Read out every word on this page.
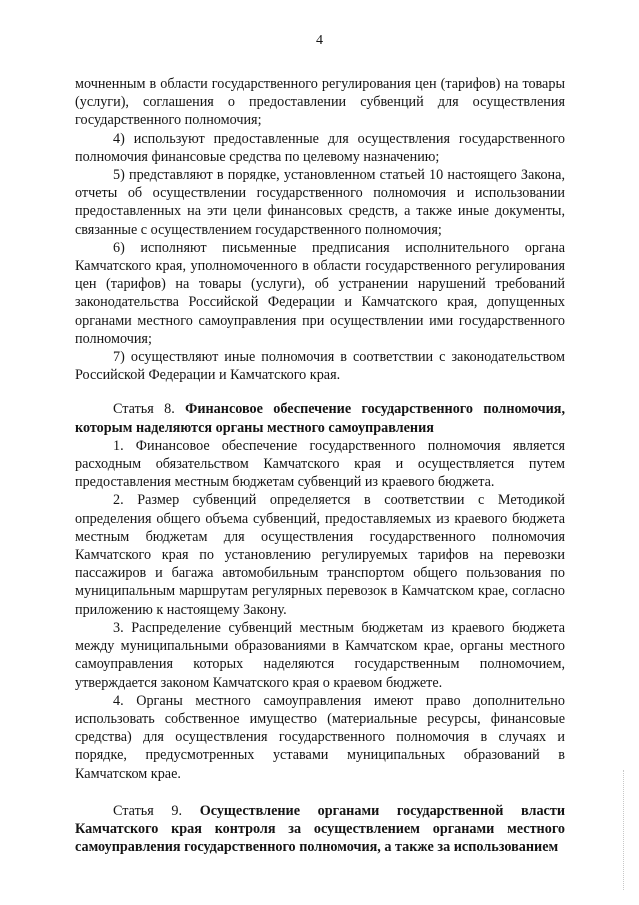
4

мочненным в области государственного регулирования цен (тарифов) на товары (услуги), соглашения о предоставлении субвенций для осуществления государственного полномочия;

4) используют предоставленные для осуществления государственного полномочия финансовые средства по целевому назначению;

5) представляют в порядке, установленном статьей 10 настоящего Закона, отчеты об осуществлении государственного полномочия и использовании предоставленных на эти цели финансовых средств, а также иные документы, связанные с осуществлением государственного полномочия;

6) исполняют письменные предписания исполнительного органа Камчатского края, уполномоченного в области государственного регулирования цен (тарифов) на товары (услуги), об устранении нарушений требований законодательства Российской Федерации и Камчатского края, допущенных органами местного самоуправления при осуществлении ими государственного полномочия;

7) осуществляют иные полномочия в соответствии с законодательством Российской Федерации и Камчатского края.

Статья 8. Финансовое обеспечение государственного полномочия, которым наделяются органы местного самоуправления

1. Финансовое обеспечение государственного полномочия является расходным обязательством Камчатского края и осуществляется путем предоставления местным бюджетам субвенций из краевого бюджета.

2. Размер субвенций определяется в соответствии с Методикой определения общего объема субвенций, предоставляемых из краевого бюджета местным бюджетам для осуществления государственного полномочия Камчатского края по установлению регулируемых тарифов на перевозки пассажиров и багажа автомобильным транспортом общего пользования по муниципальным маршрутам регулярных перевозок в Камчатском крае, согласно приложению к настоящему Закону.

3. Распределение субвенций местным бюджетам из краевого бюджета между муниципальными образованиями в Камчатском крае, органы местного самоуправления которых наделяются государственным полномочием, утверждается законом Камчатского края о краевом бюджете.

4. Органы местного самоуправления имеют право дополнительно использовать собственное имущество (материальные ресурсы, финансовые средства) для осуществления государственного полномочия в случаях и порядке, предусмотренных уставами муниципальных образований в Камчатском крае.

Статья 9. Осуществление органами государственной власти Камчатского края контроля за осуществлением органами местного самоуправления государственного полномочия, а также за использованием
